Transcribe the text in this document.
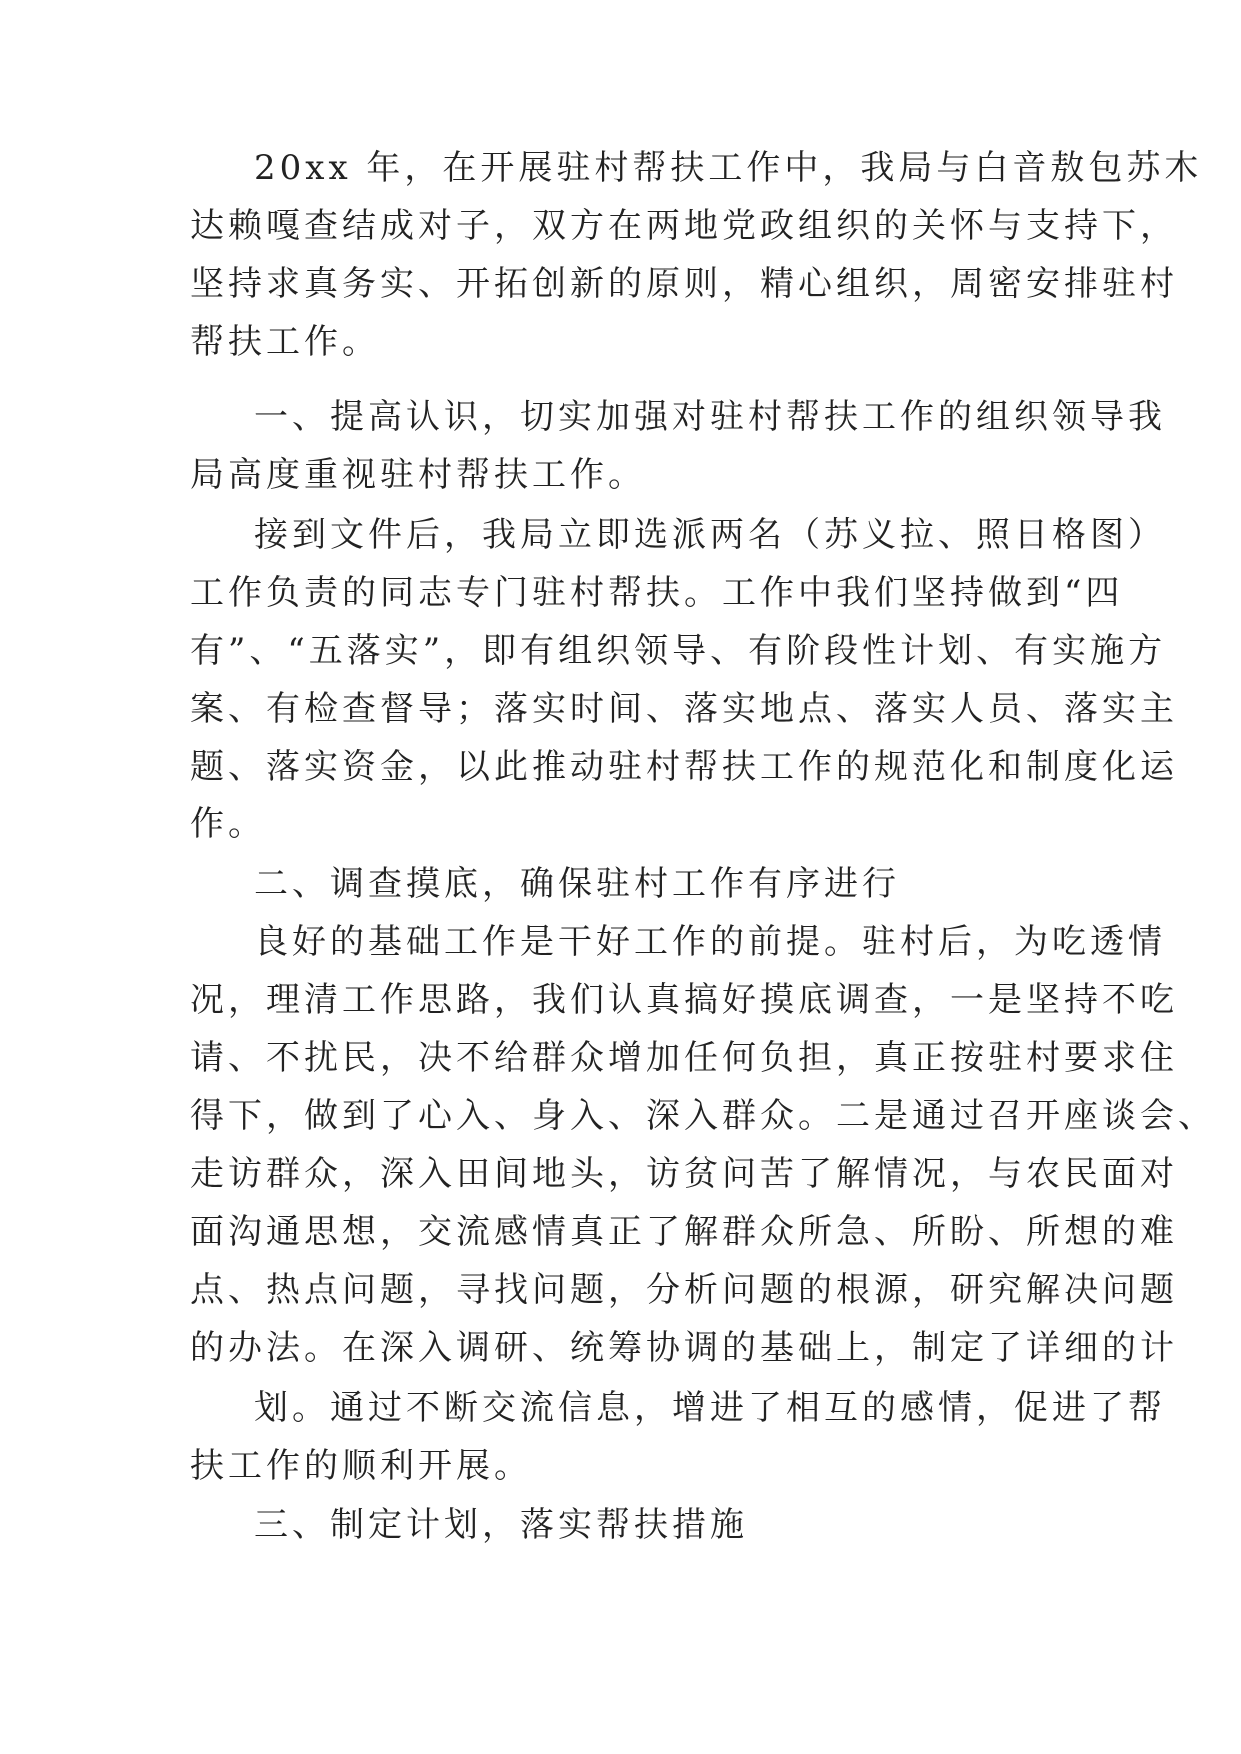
20xx 年，在开展驻村帮扶工作中，我局与白音敖包苏木
达赖嘎查结成对子，双方在两地党政组织的关怀与支持下，
坚持求真务实、开拓创新的原则，精心组织，周密安排驻村
帮扶工作。
一、提高认识，切实加强对驻村帮扶工作的组织领导我
局高度重视驻村帮扶工作。
接到文件后，我局立即选派两名（苏义拉、照日格图）
工作负责的同志专门驻村帮扶。工作中我们坚持做到“四
有”、“五落实”，即有组织领导、有阶段性计划、有实施方
案、有检查督导；落实时间、落实地点、落实人员、落实主
题、落实资金，以此推动驻村帮扶工作的规范化和制度化运
作。
二、调查摸底，确保驻村工作有序进行
良好的基础工作是干好工作的前提。驻村后，为吃透情
况，理清工作思路，我们认真搞好摸底调查，一是坚持不吃
请、不扰民，决不给群众增加任何负担，真正按驻村要求住
得下，做到了心入、身入、深入群众。二是通过召开座谈会、
走访群众，深入田间地头，访贫问苦了解情况，与农民面对
面沟通思想，交流感情真正了解群众所急、所盼、所想的难
点、热点问题，寻找问题，分析问题的根源，研究解决问题
的办法。在深入调研、统筹协调的基础上，制定了详细的计
划。通过不断交流信息，增进了相互的感情，促进了帮
扶工作的顺利开展。
三、制定计划，落实帮扶措施
